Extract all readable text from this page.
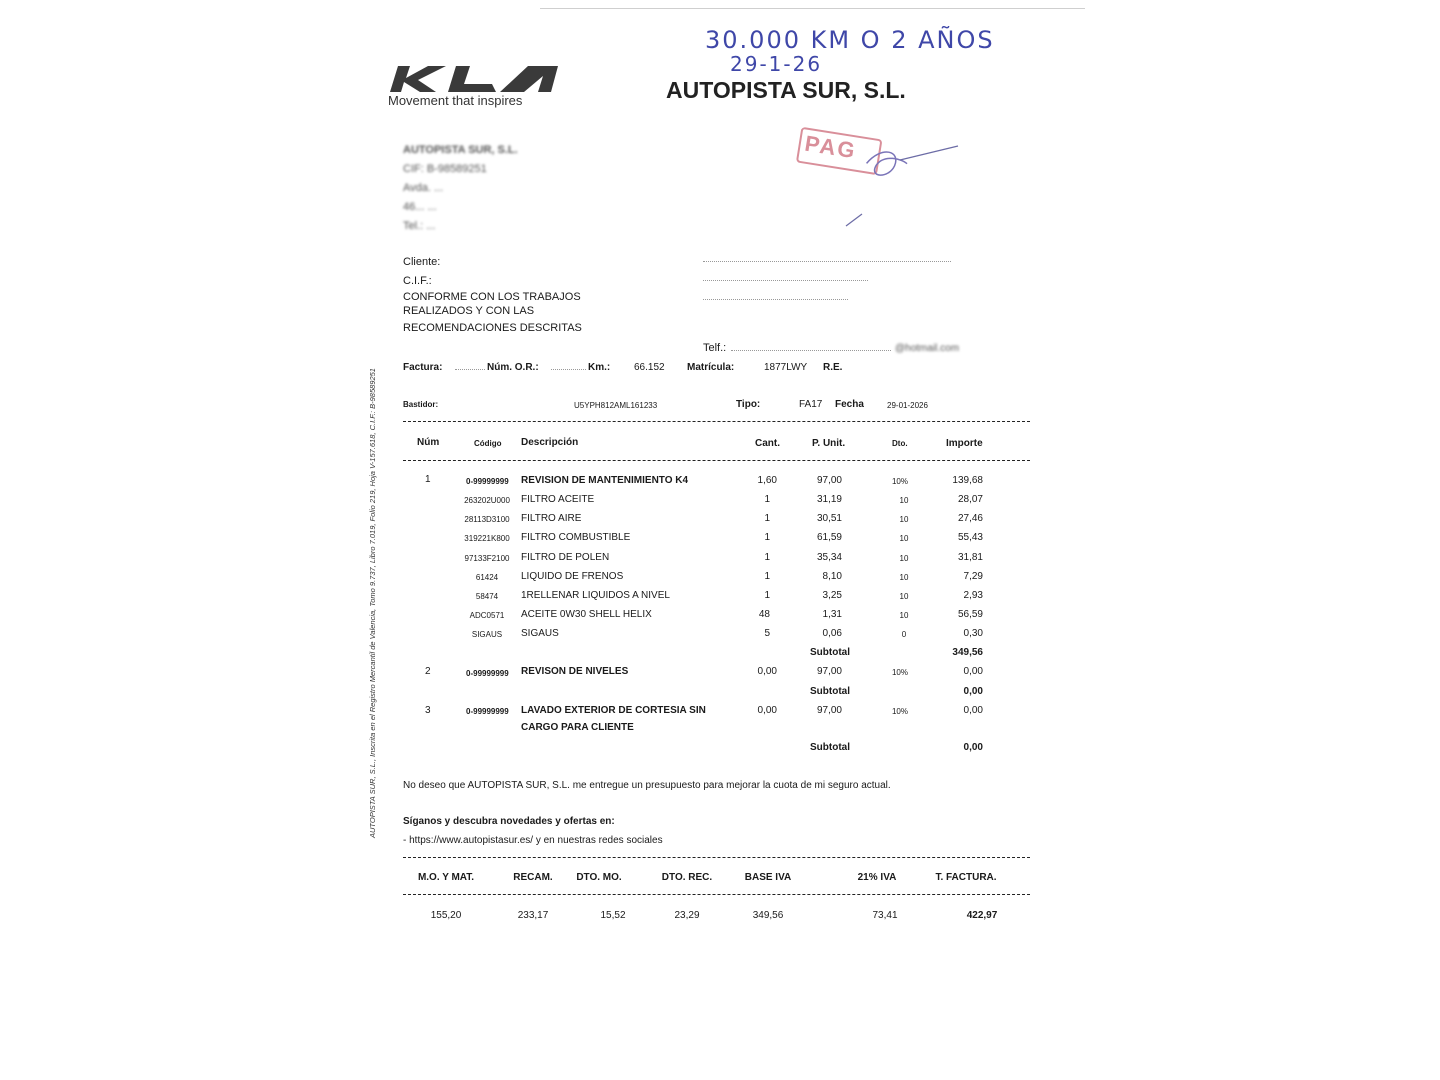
30.000 KM O 2 AÑOS
29-1-26
Movement that inspires	AUTOPISTA SUR, S.L.
PAG
AUTOPISTA SUR, S.L., Inscrita en el Registro Mercantil de Valencia, Tomo 9.737, Libro 7.019, Folio 219, Hoja V-157.618, C.I.F.: B-98589251
AUTOPISTA SUR, S.L.
CIF: B-98589251
Avda. ...
46... ...
Tel.: ...
Cliente:
C.I.F.:
CONFORME CON LOS TRABAJOS
REALIZADOS Y CON LAS
RECOMENDACIONES DESCRITAS
Telf.:	@hotmail.com
Factura:	Núm. O.R.:	Km.: 66.152 Matrícula:	1877LWY R.E.
Bastidor:	U5YPH812AML161233	Tipo:	FA17 Fecha	29-01-2026
Núm	Código Descripción	Cant.	P. Unit.	Dto.	Importe
1	0-99999999 REVISION DE MANTENIMIENTO K4	1,60	97,00	10%	139,68
263202U000 FILTRO ACEITE	1	31,19	10	28,07
28113D3100 FILTRO AIRE	1	30,51	10	27,46
319221K800 FILTRO COMBUSTIBLE	1	61,59	10	55,43
97133F2100 FILTRO DE POLEN	1	35,34	10	31,81
61424	LIQUIDO DE FRENOS	1	8,10	10	7,29
58474	1RELLENAR LIQUIDOS A NIVEL	1	3,25	10	2,93
ADC0571	ACEITE 0W30 SHELL HELIX	48	1,31	10	56,59
SIGAUS	SIGAUS	5	0,06	0	0,30
Subtotal	349,56
2	0-99999999 REVISON DE NIVELES	0,00	97,00	10%	0,00
Subtotal	0,00
3	0-99999999 LAVADO EXTERIOR DE CORTESIA SIN
CARGO PARA CLIENTE
0,00	97,00	10%	0,00
Subtotal	0,00
No deseo que AUTOPISTA SUR, S.L. me entregue un presupuesto para mejorar la cuota de mi seguro actual.
Síganos y descubra novedades y ofertas en:
- https://www.autopistasur.es/ y en nuestras redes sociales
M.O. Y MAT.	RECAM.	DTO. MO.	DTO. REC.	BASE IVA	21% IVA	T. FACTURA.
155,20	233,17	15,52	23,29	349,56	73,41	422,97
